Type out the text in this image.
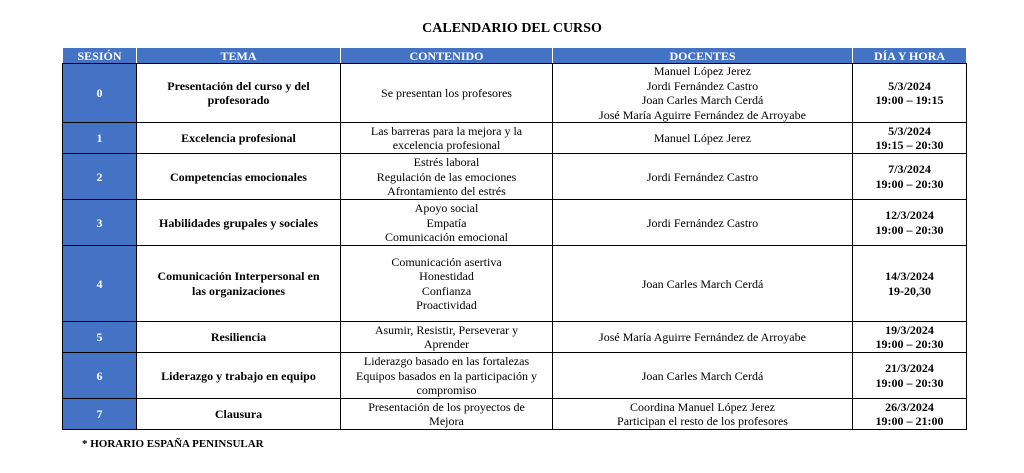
CALENDARIO DEL CURSO
SESIÓN	TEMA	CONTENIDO	DOCENTES	DÍA Y HORA
0	Presentación del curso y del
profesorado	Se presentan los profesores	Manuel López Jerez
Jordi Fernández Castro
Joan Carles March Cerdá
José María Aguirre Fernández de Arroyabe	5/3/2024
19:00 – 19:15

1	Excelencia profesional	Las barreras para la mejora y la
excelencia profesional	Manuel López Jerez	5/3/2024
19:15 – 20:30

2	Competencias emocionales	Estrés laboral
Regulación de las emociones
Afrontamiento del estrés	Jordi Fernández Castro	7/3/2024
19:00 – 20:30

3	Habilidades grupales y sociales	Apoyo social
Empatía
Comunicación emocional	Jordi Fernández Castro	12/3/2024
19:00 – 20:30

4	Comunicación Interpersonal en
las organizaciones	Comunicación asertiva
Honestidad
Confianza
Proactividad	Joan Carles March Cerdá	14/3/2024
19-20,30

5	Resiliencia	Asumir, Resistir, Perseverar y
Aprender	José María Aguirre Fernández de Arroyabe	19/3/2024
19:00 – 20:30

6	Liderazgo y trabajo en equipo	Liderazgo basado en las fortalezas
Equipos basados en la participación y
compromiso	Joan Carles March Cerdá	21/3/2024
19:00 – 20:30

7	Clausura	Presentación de los proyectos de
Mejora	Coordina Manuel López Jerez
Participan el resto de los profesores	26/3/2024
19:00 – 21:00
* HORARIO ESPAÑA PENINSULAR
